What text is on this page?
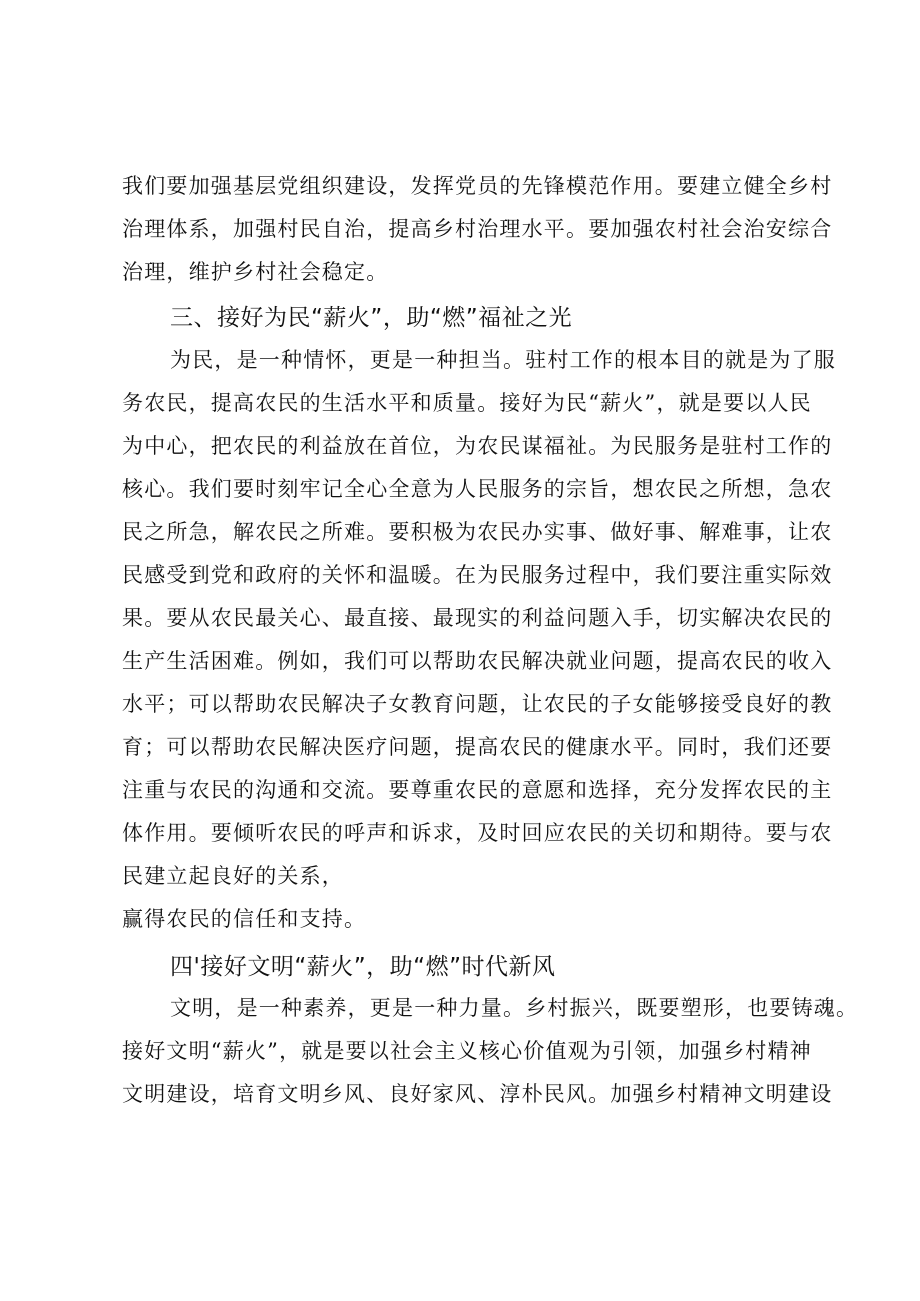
我们要加强基层党组织建设，发挥党员的先锋模范作用。要建立健全乡村
治理体系，加强村民自治，提高乡村治理水平。要加强农村社会治安综合
治理，维护乡村社会稳定。
三、接好为民“薪火”，助“燃”福祉之光
为民，是一种情怀，更是一种担当。驻村工作的根本目的就是为了服
务农民，提高农民的生活水平和质量。接好为民“薪火”，就是要以人民
为中心，把农民的利益放在首位，为农民谋福祉。为民服务是驻村工作的
核心。我们要时刻牢记全心全意为人民服务的宗旨，想农民之所想，急农
民之所急，解农民之所难。要积极为农民办实事、做好事、解难事，让农
民感受到党和政府的关怀和温暖。在为民服务过程中，我们要注重实际效
果。要从农民最关心、最直接、最现实的利益问题入手，切实解决农民的
生产生活困难。例如，我们可以帮助农民解决就业问题，提高农民的收入
水平；可以帮助农民解决子女教育问题，让农民的子女能够接受良好的教
育；可以帮助农民解决医疗问题，提高农民的健康水平。同时，我们还要
注重与农民的沟通和交流。要尊重农民的意愿和选择，充分发挥农民的主
体作用。要倾听农民的呼声和诉求，及时回应农民的关切和期待。要与农
民建立起良好的关系，
赢得农民的信任和支持。
四'接好文明“薪火”，助“燃”时代新风
文明，是一种素养，更是一种力量。乡村振兴，既要塑形，也要铸魂。
接好文明“薪火”，就是要以社会主义核心价值观为引领，加强乡村精神
文明建设，培育文明乡风、良好家风、淳朴民风。加强乡村精神文明建设
